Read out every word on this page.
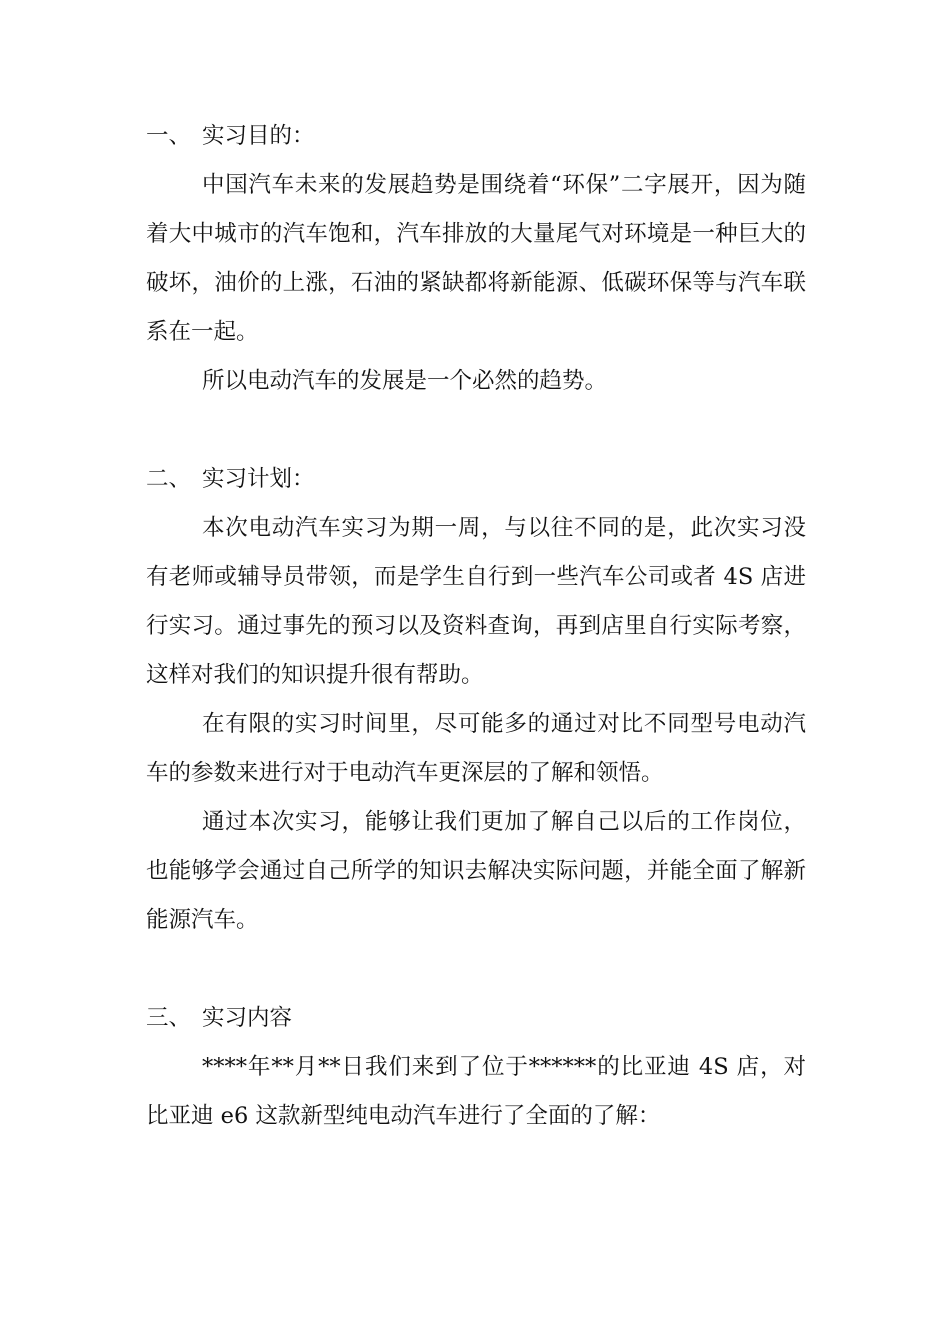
一、 实习目的：

中国汽车未来的发展趋势是围绕着“环保”二字展开，因为随着大中城市的汽车饱和，汽车排放的大量尾气对环境是一种巨大的破坏，油价的上涨，石油的紧缺都将新能源、低碳环保等与汽车联系在一起。

所以电动汽车的发展是一个必然的趋势。

二、 实习计划：

本次电动汽车实习为期一周，与以往不同的是，此次实习没有老师或辅导员带领，而是学生自行到一些汽车公司或者 4S 店进行实习。通过事先的预习以及资料查询，再到店里自行实际考察，这样对我们的知识提升很有帮助。

在有限的实习时间里，尽可能多的通过对比不同型号电动汽车的参数来进行对于电动汽车更深层的了解和领悟。

通过本次实习，能够让我们更加了解自己以后的工作岗位，也能够学会通过自己所学的知识去解决实际问题，并能全面了解新能源汽车。

三、 实习内容

****年**月**日我们来到了位于******的比亚迪 4S 店，对比亚迪 e6 这款新型纯电动汽车进行了全面的了解：
